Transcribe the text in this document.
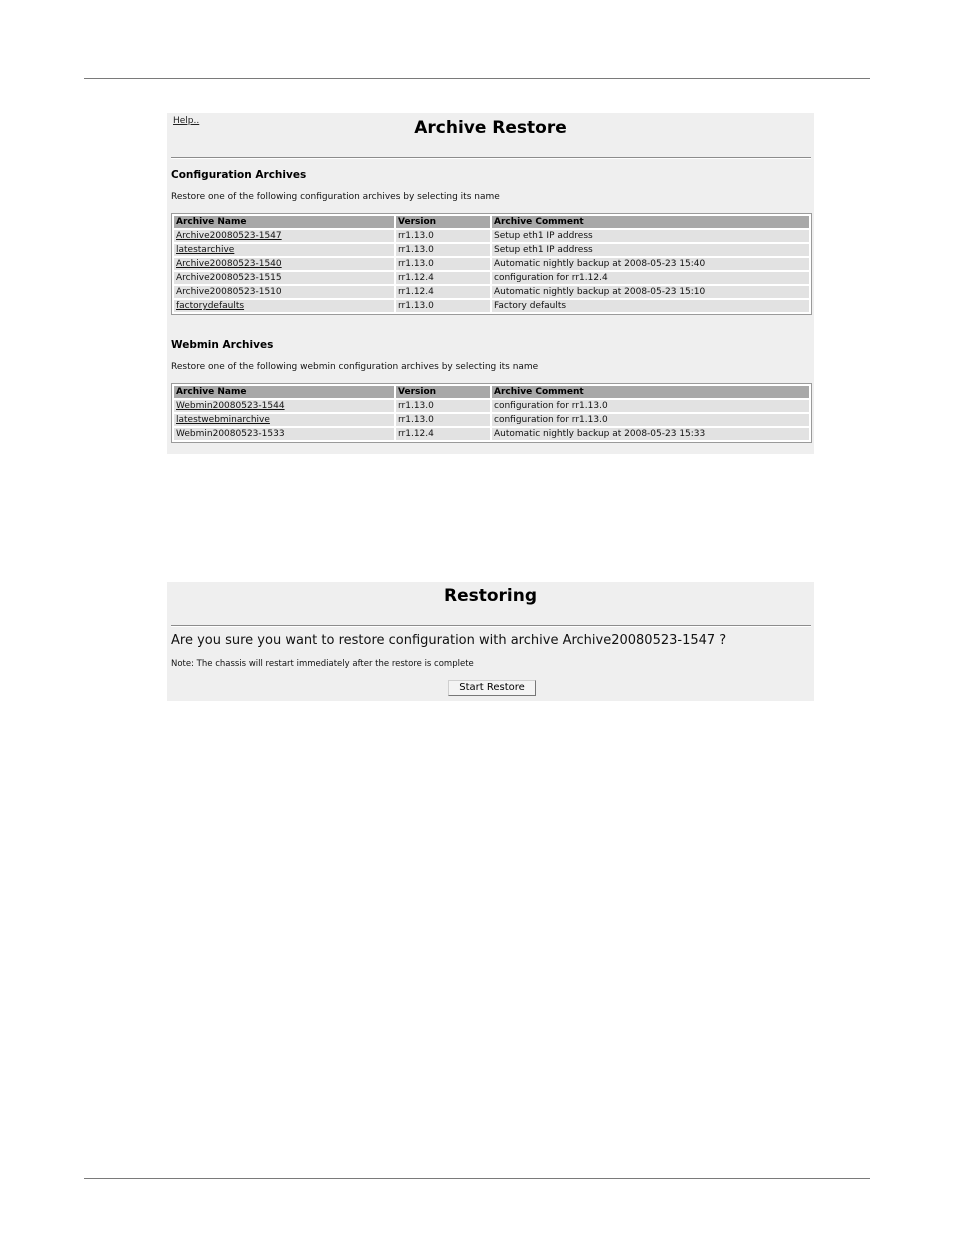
Help..	Archive Restore
Configuration Archives
Restore one of the following configuration archives by selecting its name
Archive Name	Version	Archive Comment
Archive20080523-1547	rr1.13.0	Setup eth1 IP address
latestarchive	rr1.13.0	Setup eth1 IP address
Archive20080523-1540	rr1.13.0	Automatic nightly backup at 2008-05-23 15:40
Archive20080523-1515	rr1.12.4	configuration for rr1.12.4
Archive20080523-1510	rr1.12.4	Automatic nightly backup at 2008-05-23 15:10
factorydefaults	rr1.13.0	Factory defaults
Webmin Archives
Restore one of the following webmin configuration archives by selecting its name
Archive Name	Version	Archive Comment
Webmin20080523-1544	rr1.13.0	configuration for rr1.13.0
latestwebminarchive	rr1.13.0	configuration for rr1.13.0
Webmin20080523-1533	rr1.12.4	Automatic nightly backup at 2008-05-23 15:33
Restoring
Are you sure you want to restore configuration with archive Archive20080523-1547 ?
Note: The chassis will restart immediately after the restore is complete
Start Restore
